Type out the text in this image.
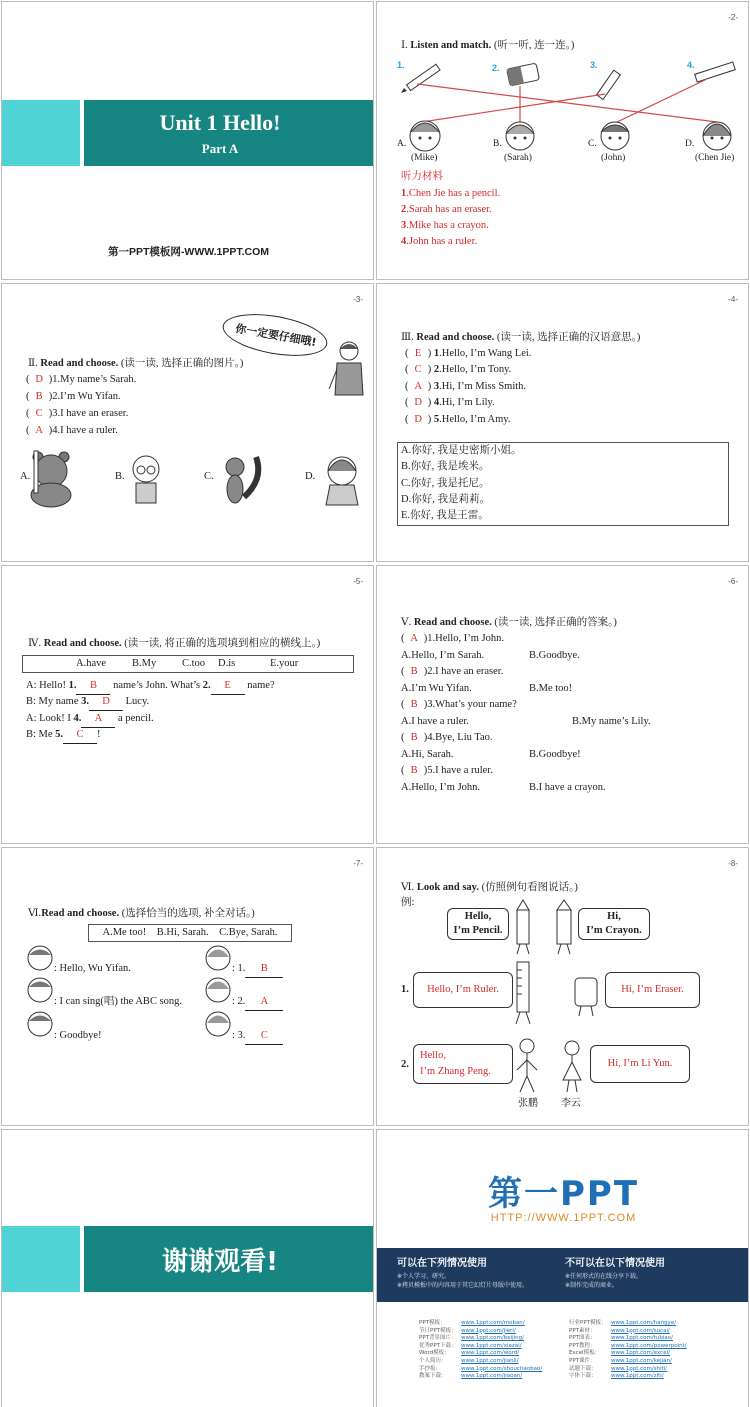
Unit 1 Hello!
Part A
第一PPT模板网-WWW.1PPT.COM
-2-
Ⅰ. Listen and match. (听一听, 连一连。)
1.	2.	3.	4.
A.
(Mike)
B.
(Sarah)
C.
(John)
D.
(Chen Jie)
听力材料
1.Chen Jie has a pencil.
2.Sarah has an eraser.
3.Mike has a crayon.
4.John has a ruler.
-3-
你一定要仔细哦!
Ⅱ. Read and choose. (读一读, 选择正确的图片。)
( D )1.My name’s Sarah.
( B )2.I’m Wu Yifan.
( C )3.I have an eraser.
( A )4.I have a ruler.
A.	B.	C.	D.
-4-
Ⅲ. Read and choose. (读一读, 选择正确的汉语意思。)
( E ) 1.Hello, I’m Wang Lei.
( C ) 2.Hello, I’m Tony.
( A ) 3.Hi, I’m Miss Smith.
( D ) 4.Hi, I’m Lily.
( D ) 5.Hello, I’m Amy.
A.你好, 我是史密斯小姐。
B.你好, 我是埃米。
C.你好, 我是托尼。
D.你好, 我是莉莉。
E.你好, 我是王雷。
-5-
Ⅳ. Read and choose. (读一读, 将正确的选项填到相应的横线上。)
A.have B.My C.too D.is	E.your
A: Hello! 1. B name’s John. What’s 2. E name?
B: My name 3. D Lucy.
A: Look! I 4. A a pencil.
B: Me 5. C !
-6-
Ⅴ. Read and choose. (读一读, 选择正确的答案。)
( A )1.Hello, I’m John.
A.Hello, I’m Sarah.	B.Goodbye.
( B )2.I have an eraser.
A.I’m Wu Yifan.	B.Me too!
( B )3.What’s your name?
A.I have a ruler.	B.My name’s Lily.
( B )4.Bye, Liu Tao.
A.Hi, Sarah.	B.Goodbye!
( B )5.I have a ruler.
A.Hello, I’m John.	B.I have a crayon.
-7-
Ⅵ.Read and choose. (选择恰当的选项, 补全对话。)
A.Me too!    B.Hi, Sarah.    C.Bye, Sarah.
: Hello, Wu Yifan.
: I can sing(唱) the ABC song.
: Goodbye!
: 1. B
: 2. A
: 3. C
-8-
Ⅵ. Look and say. (仿照例句看图说话。)
例:
Hello,
I’m Pencil.
Hi,
I’m Crayon.
1.	Hello, I’m Ruler.	Hi, I’m Eraser.
2.
Hello,
I’m Zhang Peng.
Hi, I’m Li Yun.
张鹏 李云
谢谢观看!
第一PPT
HTTP://WWW.1PPT.COM
可以在下列情况使用
※个人学习、研究。
※拷贝模板中的内容用于其它幻灯片母版中使用。
不可以在以下情况使用
※任何形式的在线分享下载。
※制作完成的商业。
PPT模板：	www.1ppt.com/moban/
节日PPT模板： www.1ppt.com/jieri/
PPT背景图片： www.1ppt.com/beijing/
优秀PPT下载： www.1ppt.com/xiazai/
Word模板： www.1ppt.com/word/
个人简历：	www.1ppt.com/jianli/
手抄报：	www.1ppt.com/shouchaobao/
教案下载：	www.1ppt.com/jiaoan/
行业PPT模板： www.1ppt.com/hangye/
PPT素材：	www.1ppt.com/sucai/
PPT图表：	www.1ppt.com/tubiao/
PPT教程：	www.1ppt.com/powerpoint/
Excel模板： www.1ppt.com/excel/
PPT课件：	www.1ppt.com/kejian/
试题下载：	www.1ppt.com/shiti/
字体下载：	www.1ppt.com/ziti/
